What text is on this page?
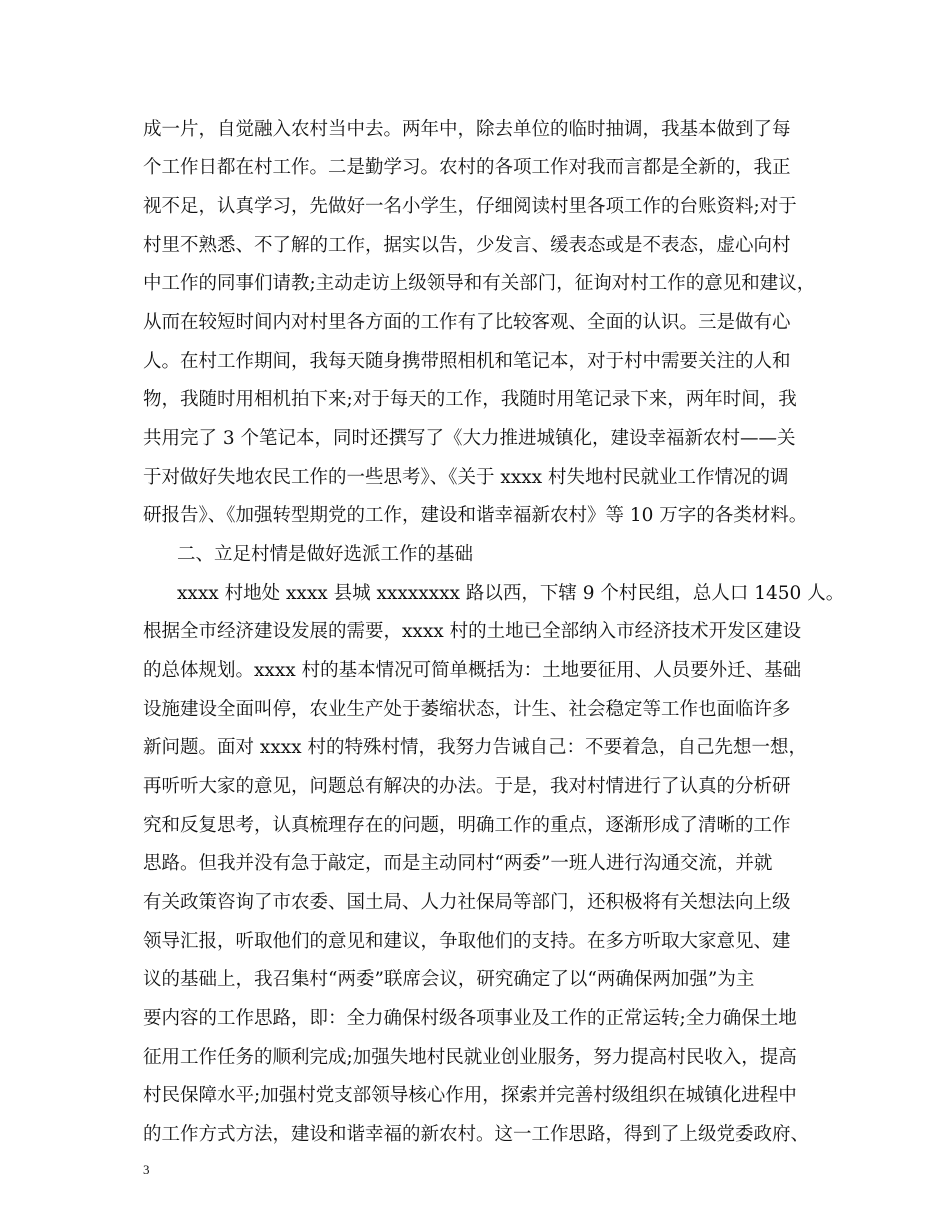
成一片，自觉融入农村当中去。两年中，除去单位的临时抽调，我基本做到了每
个工作日都在村工作。二是勤学习。农村的各项工作对我而言都是全新的，我正
视不足，认真学习，先做好一名小学生，仔细阅读村里各项工作的台账资料;对于
村里不熟悉、不了解的工作，据实以告，少发言、缓表态或是不表态，虚心向村
中工作的同事们请教;主动走访上级领导和有关部门，征询对村工作的意见和建议，
从而在较短时间内对村里各方面的工作有了比较客观、全面的认识。三是做有心
人。在村工作期间，我每天随身携带照相机和笔记本，对于村中需要关注的人和
物，我随时用相机拍下来;对于每天的工作，我随时用笔记录下来，两年时间，我
共用完了 3 个笔记本，同时还撰写了《大力推进城镇化，建设幸福新农村——关
于对做好失地农民工作的一些思考》、《关于 xxxx 村失地村民就业工作情况的调
研报告》、《加强转型期党的工作，建设和谐幸福新农村》等 10 万字的各类材料。
二、立足村情是做好选派工作的基础
xxxx 村地处 xxxx 县城 xxxxxxxx 路以西，下辖 9 个村民组，总人口 1450 人。
根据全市经济建设发展的需要，xxxx 村的土地已全部纳入市经济技术开发区建设
的总体规划。xxxx 村的基本情况可简单概括为：土地要征用、人员要外迁、基础
设施建设全面叫停，农业生产处于萎缩状态，计生、社会稳定等工作也面临许多
新问题。面对 xxxx 村的特殊村情，我努力告诫自己：不要着急，自己先想一想，
再听听大家的意见，问题总有解决的办法。于是，我对村情进行了认真的分析研
究和反复思考，认真梳理存在的问题，明确工作的重点，逐渐形成了清晰的工作
思路。但我并没有急于敲定，而是主动同村“两委”一班人进行沟通交流，并就
有关政策咨询了市农委、国土局、人力社保局等部门，还积极将有关想法向上级
领导汇报，听取他们的意见和建议，争取他们的支持。在多方听取大家意见、建
议的基础上，我召集村“两委”联席会议，研究确定了以“两确保两加强”为主
要内容的工作思路，即：全力确保村级各项事业及工作的正常运转;全力确保土地
征用工作任务的顺利完成;加强失地村民就业创业服务，努力提高村民收入，提高
村民保障水平;加强村党支部领导核心作用，探索并完善村级组织在城镇化进程中
的工作方式方法，建设和谐幸福的新农村。这一工作思路，得到了上级党委政府、
3
